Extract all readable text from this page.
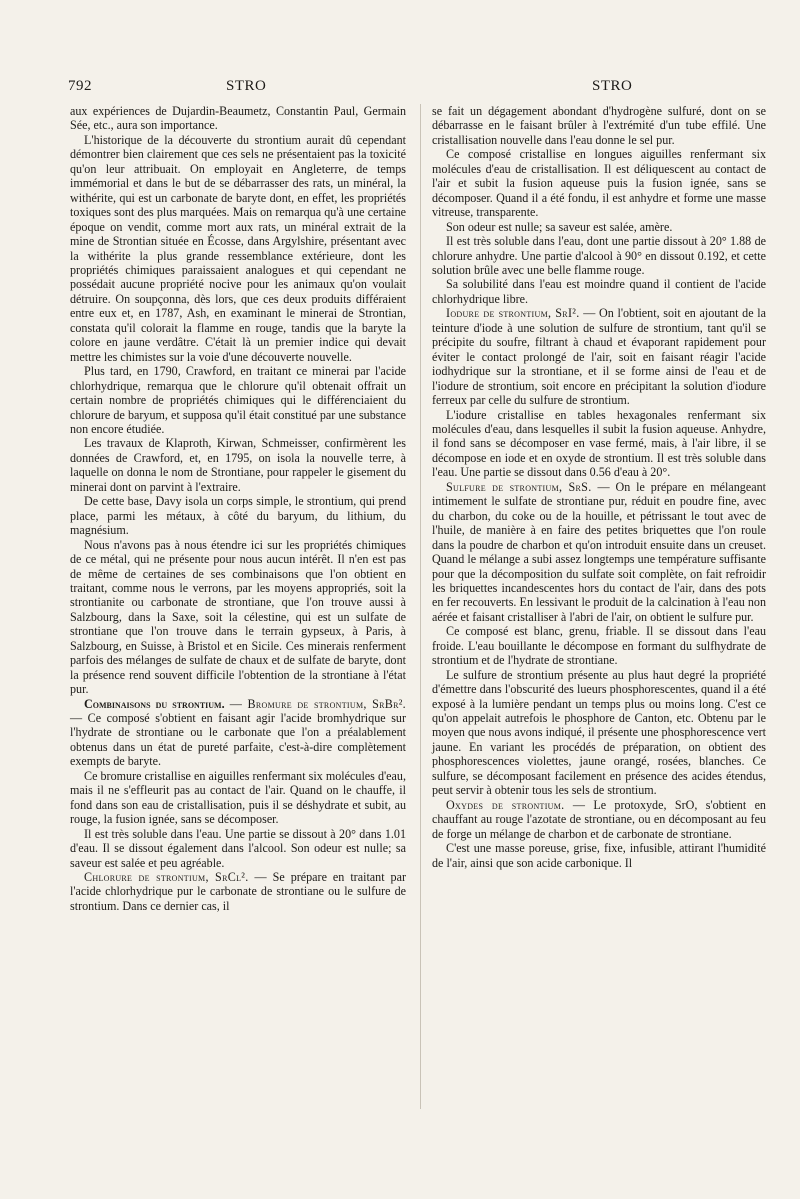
792	STRO	STRO

aux expériences de Dujardin-Beaumetz, Constantin Paul, Germain Sée, etc., aura son importance.

L'historique de la découverte du strontium aurait dû cependant démontrer bien clairement que ces sels ne présentaient pas la toxicité qu'on leur attribuait. On employait en Angleterre, de temps immémorial et dans le but de se débarrasser des rats, un minéral, la withérite, qui est un carbonate de baryte dont, en effet, les propriétés toxiques sont des plus marquées. Mais on remarqua qu'à une certaine époque on vendit, comme mort aux rats, un minéral extrait de la mine de Strontian située en Écosse, dans Argylshire, présentant avec la withérite la plus grande ressemblance extérieure, dont les propriétés chimiques paraissaient analogues et qui cependant ne possédait aucune propriété nocive pour les animaux qu'on voulait détruire. On soupçonna, dès lors, que ces deux produits différaient entre eux et, en 1787, Ash, en examinant le minerai de Strontian, constata qu'il colorait la flamme en rouge, tandis que la baryte la colore en jaune verdâtre. C'était là un premier indice qui devait mettre les chimistes sur la voie d'une découverte nouvelle.

Plus tard, en 1790, Crawford, en traitant ce minerai par l'acide chlorhydrique, remarqua que le chlorure qu'il obtenait offrait un certain nombre de propriétés chimiques qui le différenciaient du chlorure de baryum, et supposa qu'il était constitué par une substance non encore étudiée.

Les travaux de Klaproth, Kirwan, Schmeisser, confirmèrent les données de Crawford, et, en 1795, on isola la nouvelle terre, à laquelle on donna le nom de Strontiane, pour rappeler le gisement du minerai dont on parvint à l'extraire.

De cette base, Davy isola un corps simple, le strontium, qui prend place, parmi les métaux, à côté du baryum, du lithium, du magnésium.

Nous n'avons pas à nous étendre ici sur les propriétés chimiques de ce métal, qui ne présente pour nous aucun intérêt. Il n'en est pas de même de certaines de ses combinaisons que l'on obtient en traitant, comme nous le verrons, par les moyens appropriés, soit la strontianite ou carbonate de strontiane, que l'on trouve aussi à Salzbourg, dans la Saxe, soit la célestine, qui est un sulfate de strontiane que l'on trouve dans le terrain gypseux, à Paris, à Salzbourg, en Suisse, à Bristol et en Sicile. Ces minerais renferment parfois des mélanges de sulfate de chaux et de sulfate de baryte, dont la présence rend souvent difficile l'obtention de la strontiane à l'état pur.

Combinaisons du strontium. — Bromure de strontium, SrBr². — Ce composé s'obtient en faisant agir l'acide bromhydrique sur l'hydrate de strontiane ou le carbonate que l'on a préalablement obtenus dans un état de pureté parfaite, c'est-à-dire complètement exempts de baryte.

Ce bromure cristallise en aiguilles renfermant six molécules d'eau, mais il ne s'effleurit pas au contact de l'air. Quand on le chauffe, il fond dans son eau de cristallisation, puis il se déshydrate et subit, au rouge, la fusion ignée, sans se décomposer.

Il est très soluble dans l'eau. Une partie se dissout à 20° dans 1.01 d'eau. Il se dissout également dans l'alcool. Son odeur est nulle; sa saveur est salée et peu agréable.

Chlorure de strontium, SrCl². — Se prépare en traitant par l'acide chlorhydrique pur le carbonate de strontiane ou le sulfure de strontium. Dans ce dernier cas, il

se fait un dégagement abondant d'hydrogène sulfuré, dont on se débarrasse en le faisant brûler à l'extrémité d'un tube effilé. Une cristallisation nouvelle dans l'eau donne le sel pur.

Ce composé cristallise en longues aiguilles renfermant six molécules d'eau de cristallisation. Il est déliquescent au contact de l'air et subit la fusion aqueuse puis la fusion ignée, sans se décomposer. Quand il a été fondu, il est anhydre et forme une masse vitreuse, transparente.

Son odeur est nulle; sa saveur est salée, amère.

Il est très soluble dans l'eau, dont une partie dissout à 20° 1.88 de chlorure anhydre. Une partie d'alcool à 90° en dissout 0.192, et cette solution brûle avec une belle flamme rouge.

Sa solubilité dans l'eau est moindre quand il contient de l'acide chlorhydrique libre.

Iodure de strontium, SrI². — On l'obtient, soit en ajoutant de la teinture d'iode à une solution de sulfure de strontium, tant qu'il se précipite du soufre, filtrant à chaud et évaporant rapidement pour éviter le contact prolongé de l'air, soit en faisant réagir l'acide iodhydrique sur la strontiane, et il se forme ainsi de l'eau et de l'iodure de strontium, soit encore en précipitant la solution d'iodure ferreux par celle du sulfure de strontium.

L'iodure cristallise en tables hexagonales renfermant six molécules d'eau, dans lesquelles il subit la fusion aqueuse. Anhydre, il fond sans se décomposer en vase fermé, mais, à l'air libre, il se décompose en iode et en oxyde de strontium. Il est très soluble dans l'eau. Une partie se dissout dans 0.56 d'eau à 20°.

Sulfure de strontium, SrS. — On le prépare en mélangeant intimement le sulfate de strontiane pur, réduit en poudre fine, avec du charbon, du coke ou de la houille, et pétrissant le tout avec de l'huile, de manière à en faire des petites briquettes que l'on roule dans la poudre de charbon et qu'on introduit ensuite dans un creuset. Quand le mélange a subi assez longtemps une température suffisante pour que la décomposition du sulfate soit complète, on fait refroidir les briquettes incandescentes hors du contact de l'air, dans des pots en fer recouverts. En lessivant le produit de la calcination à l'eau non aérée et faisant cristalliser à l'abri de l'air, on obtient le sulfure pur.

Ce composé est blanc, grenu, friable. Il se dissout dans l'eau froide. L'eau bouillante le décompose en formant du sulfhydrate de strontium et de l'hydrate de strontiane.

Le sulfure de strontium présente au plus haut degré la propriété d'émettre dans l'obscurité des lueurs phosphorescentes, quand il a été exposé à la lumière pendant un temps plus ou moins long. C'est ce qu'on appelait autrefois le phosphore de Canton, etc. Obtenu par le moyen que nous avons indiqué, il présente une phosphorescence vert jaune. En variant les procédés de préparation, on obtient des phosphorescences violettes, jaune orangé, rosées, blanches. Ce sulfure, se décomposant facilement en présence des acides étendus, peut servir à obtenir tous les sels de strontium.

Oxydes de strontium. — Le protoxyde, SrO, s'obtient en chauffant au rouge l'azotate de strontiane, ou en décomposant au feu de forge un mélange de charbon et de carbonate de strontiane.

C'est une masse poreuse, grise, fixe, infusible, attirant l'humidité de l'air, ainsi que son acide carbonique. Il
